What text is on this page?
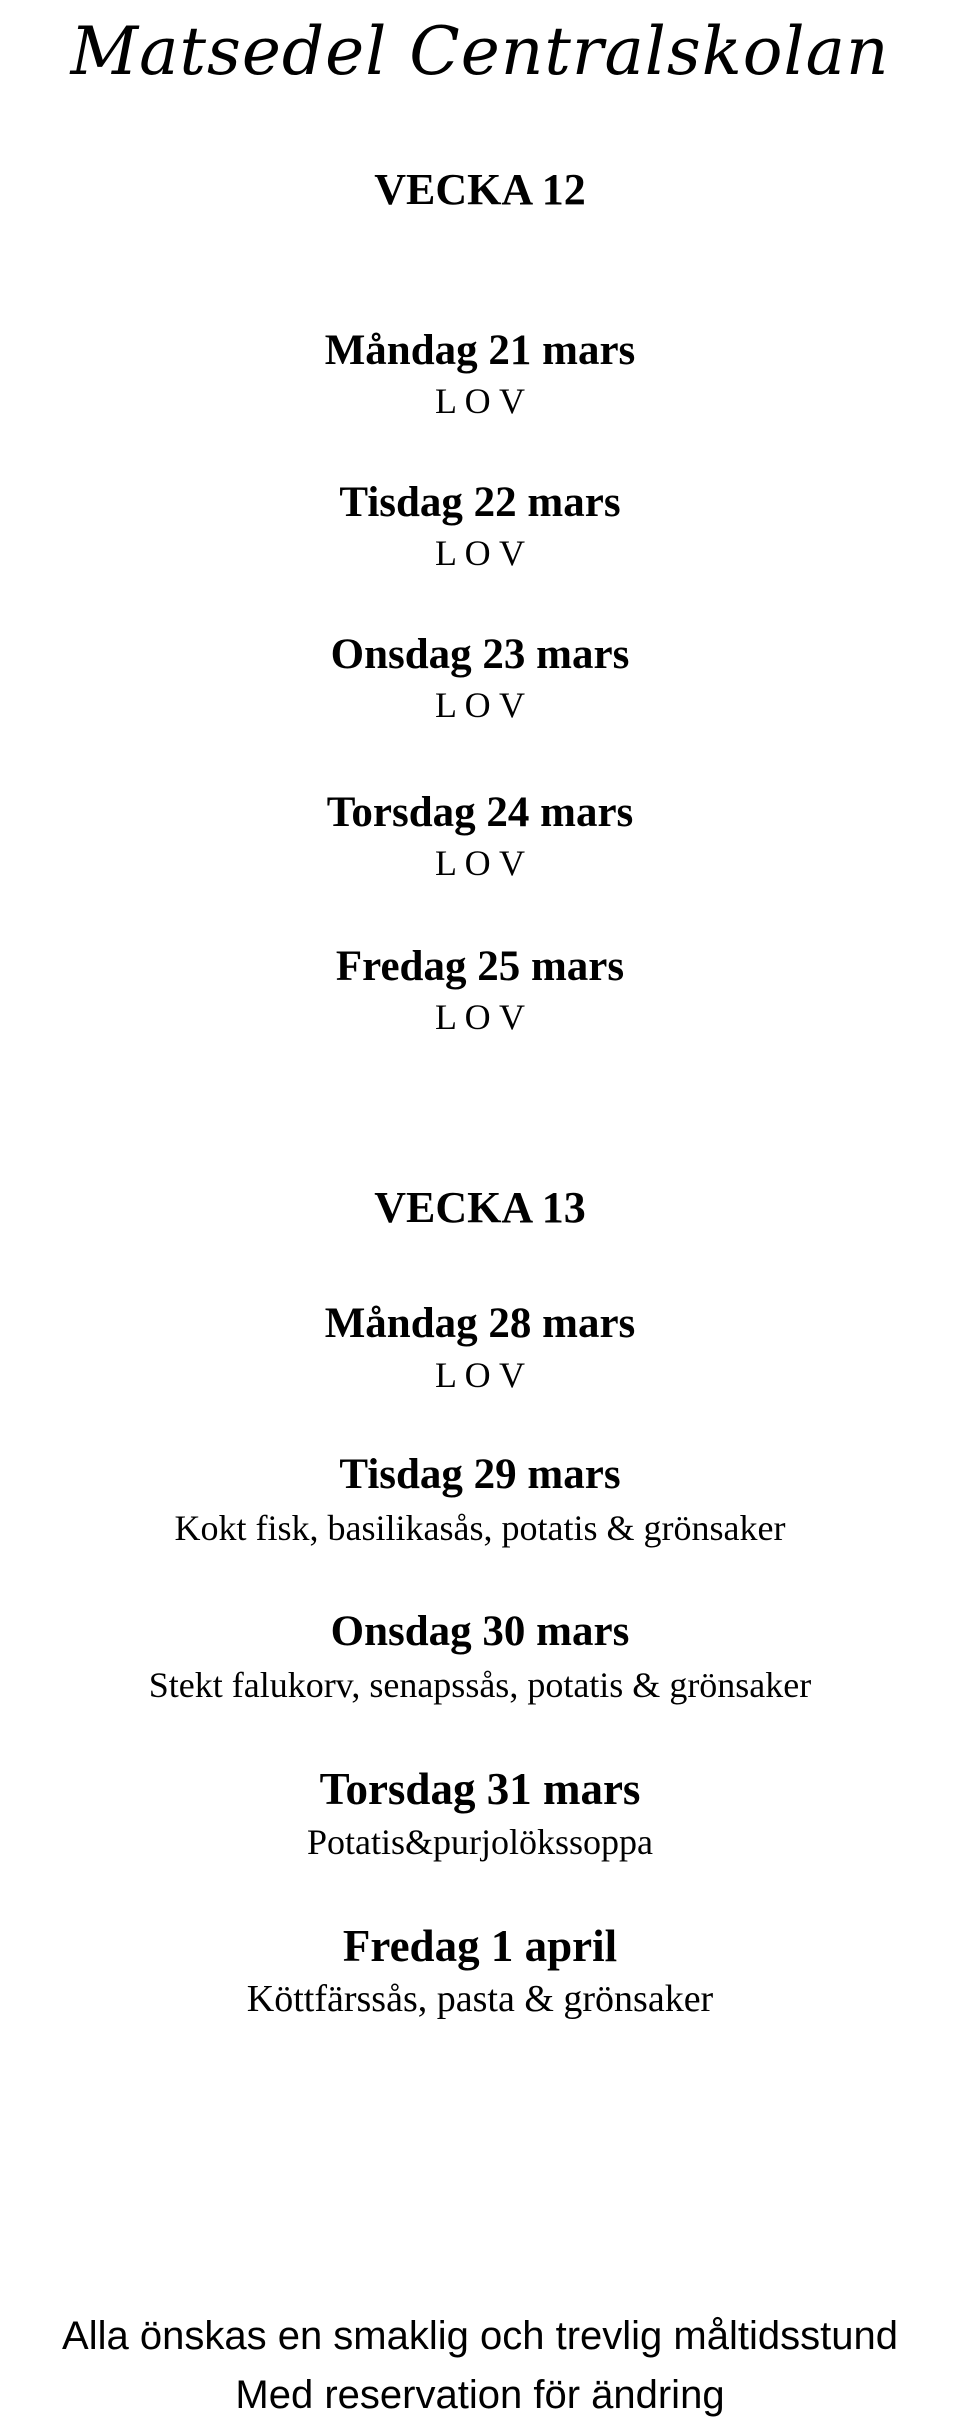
Matsedel Centralskolan
VECKA 12
Måndag 21 mars
L O V
Tisdag 22 mars
L O V
Onsdag 23 mars
L O V
Torsdag 24 mars
L O V
Fredag 25 mars
L O V
VECKA 13
Måndag 28 mars
L O V
Tisdag 29 mars
Kokt fisk, basilikasås, potatis & grönsaker
Onsdag 30 mars
Stekt falukorv, senapssås, potatis & grönsaker
Torsdag 31 mars
Potatis&purjolökssoppa
Fredag 1 april
Köttfärssås, pasta & grönsaker
Alla önskas en smaklig och trevlig måltidsstund
Med reservation för ändring
